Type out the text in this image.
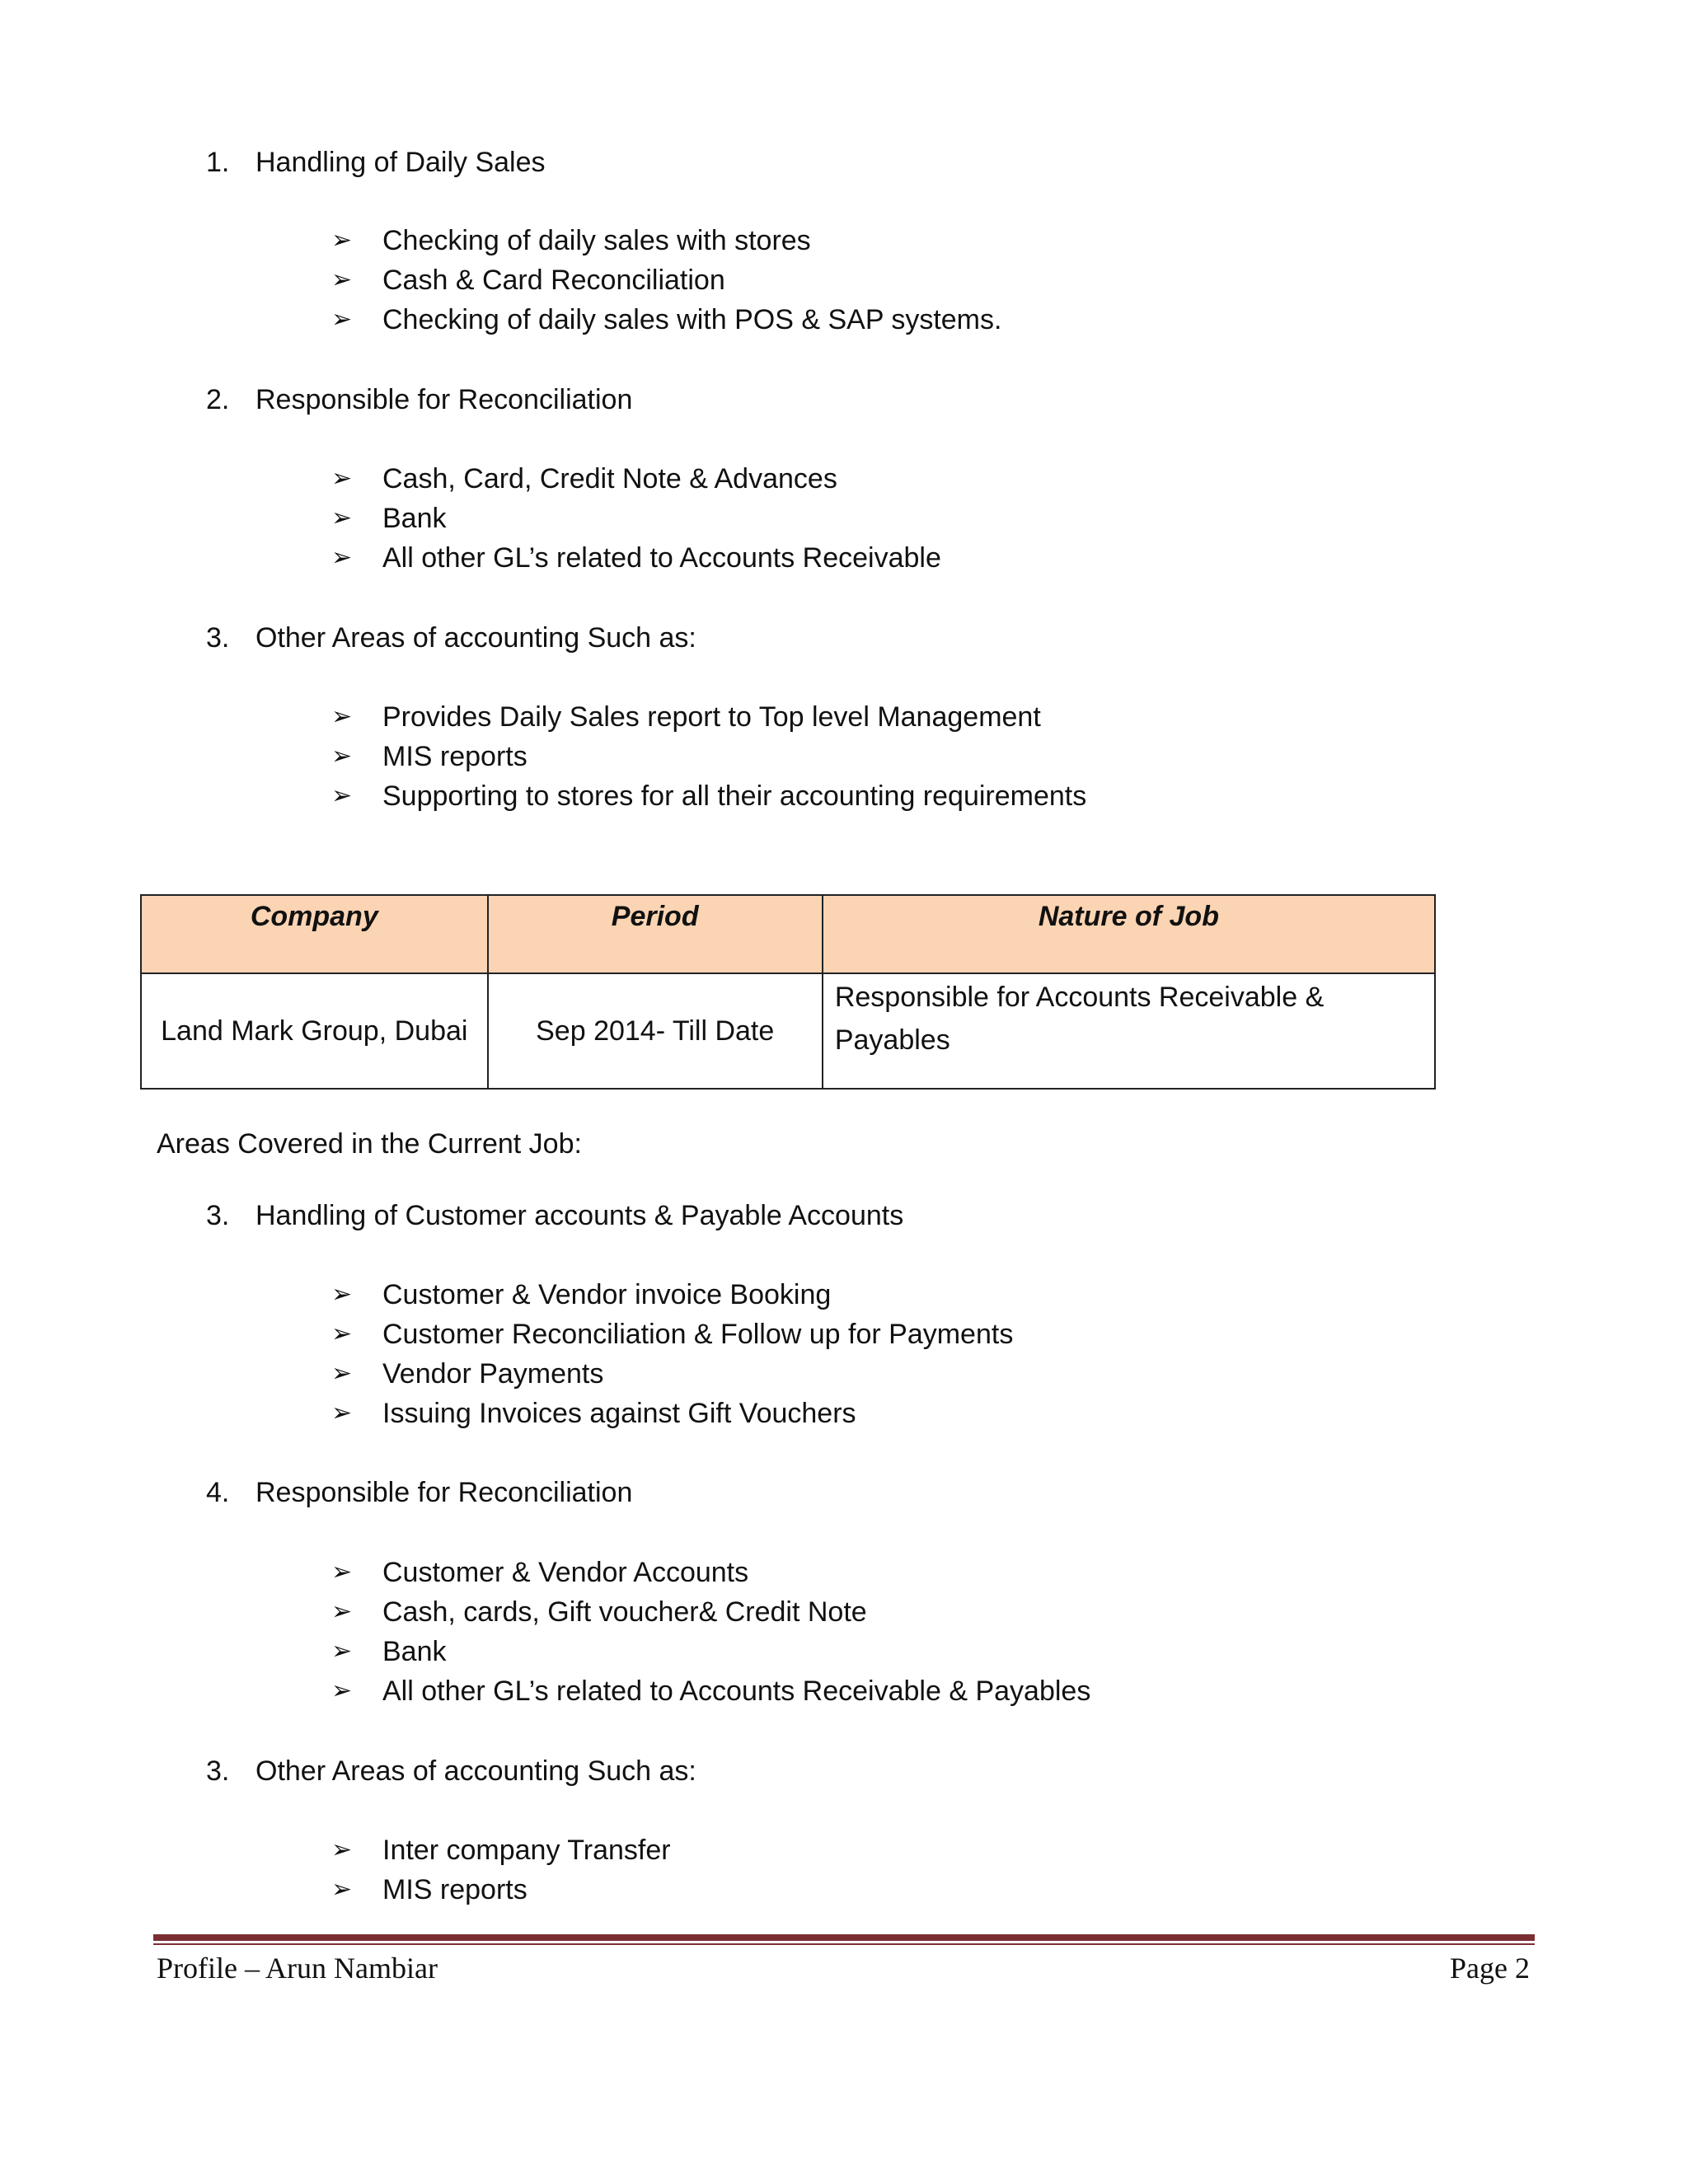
1. Handling of Daily Sales
➢ Checking of daily sales with stores
➢ Cash & Card Reconciliation
➢ Checking of daily sales with POS & SAP systems.
2. Responsible for Reconciliation
➢ Cash, Card, Credit Note & Advances
➢ Bank
➢ All other GL’s related to Accounts Receivable
3. Other Areas of accounting Such as:
➢ Provides Daily Sales report to Top level Management
➢ MIS reports
➢ Supporting to stores for all their accounting requirements
Company	Period	Nature of Job
Land Mark Group, Dubai	Sep 2014- Till Date	Responsible for Accounts Receivable &
Payables
Areas Covered in the Current Job:
3. Handling of Customer accounts & Payable Accounts
➢ Customer & Vendor invoice Booking
➢ Customer Reconciliation & Follow up for Payments
➢ Vendor Payments
➢ Issuing Invoices against Gift Vouchers
4. Responsible for Reconciliation
➢ Customer & Vendor Accounts
➢ Cash, cards, Gift voucher& Credit Note
➢ Bank
➢ All other GL’s related to Accounts Receivable & Payables
3. Other Areas of accounting Such as:
➢ Inter company Transfer
➢ MIS reports
Profile – Arun Nambiar	Page 2
